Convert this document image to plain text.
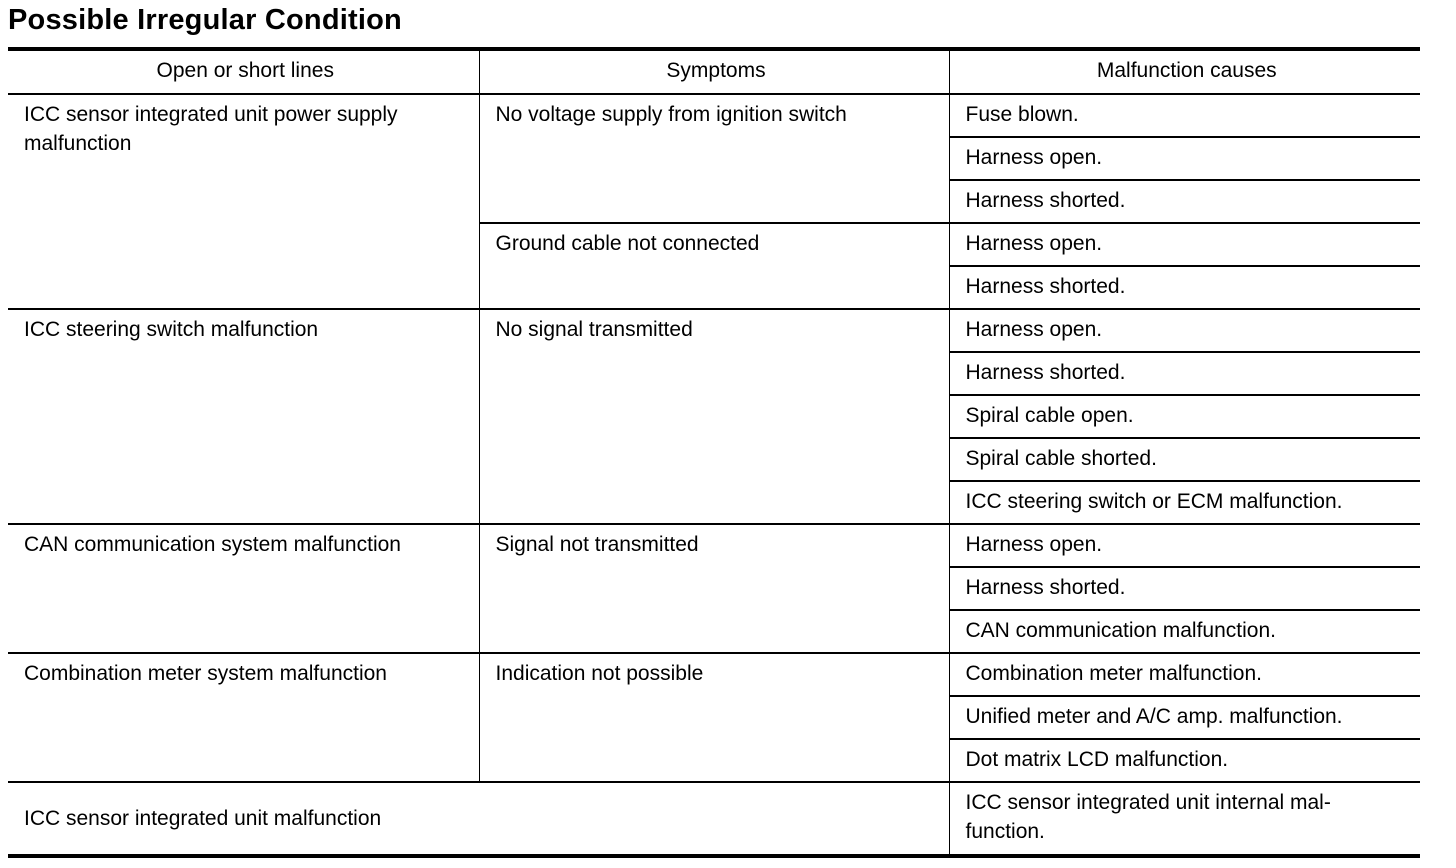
Possible Irregular Condition
Open or short lines	Symptoms	Malfunction causes
ICC sensor integrated unit power supply malfunction	No voltage supply from ignition switch	Fuse blown.
		Harness open.
		Harness shorted.
	Ground cable not connected	Harness open.
		Harness shorted.
ICC steering switch malfunction	No signal transmitted	Harness open.
		Harness shorted.
		Spiral cable open.
		Spiral cable shorted.
		ICC steering switch or ECM malfunction.
CAN communication system malfunction	Signal not transmitted	Harness open.
		Harness shorted.
		CAN communication malfunction.
Combination meter system malfunction	Indication not possible	Combination meter malfunction.
		Unified meter and A/C amp. malfunction.
		Dot matrix LCD malfunction.
ICC sensor integrated unit malfunction		ICC sensor integrated unit internal mal-function.
